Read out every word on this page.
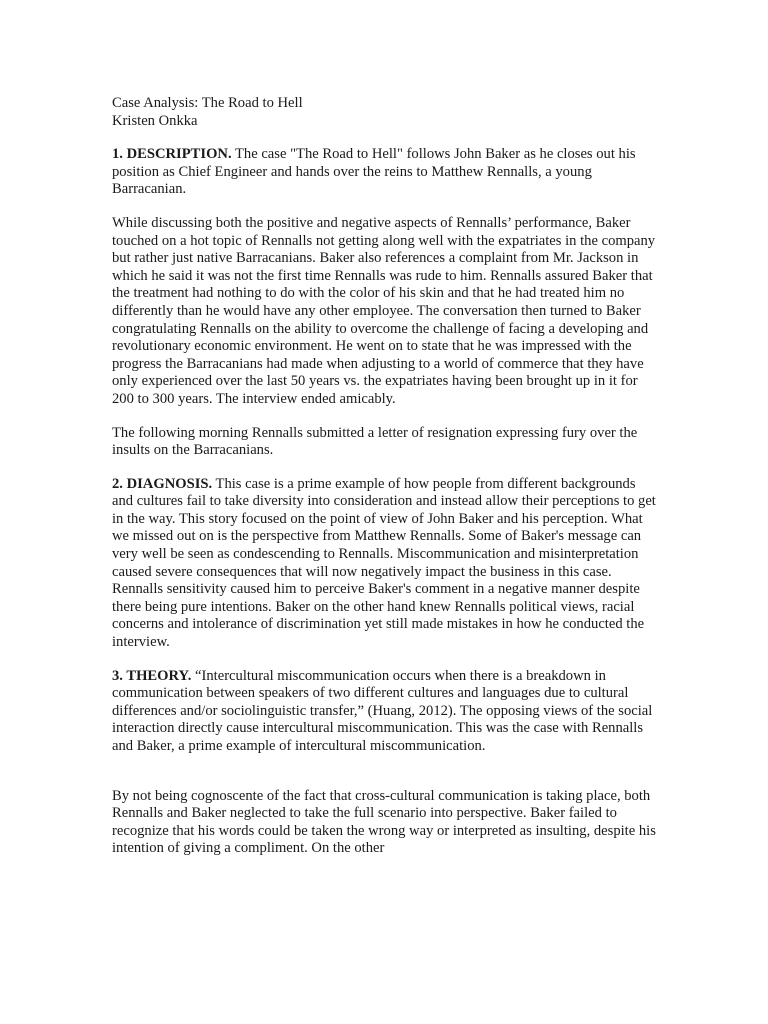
Case Analysis: The Road to Hell
Kristen Onkka

1. DESCRIPTION. The case "The Road to Hell" follows John Baker as he closes out his position as Chief Engineer and hands over the reins to Matthew Rennalls, a young Barracanian.

While discussing both the positive and negative aspects of Rennalls’ performance, Baker touched on a hot topic of Rennalls not getting along well with the expatriates in the company but rather just native Barracanians. Baker also references a complaint from Mr. Jackson in which he said it was not the first time Rennalls was rude to him. Rennalls assured Baker that the treatment had nothing to do with the color of his skin and that he had treated him no differently than he would have any other employee. The conversation then turned to Baker congratulating Rennalls on the ability to overcome the challenge of facing a developing and revolutionary economic environment. He went on to state that he was impressed with the progress the Barracanians had made when adjusting to a world of commerce that they have only experienced over the last 50 years vs. the expatriates having been brought up in it for 200 to 300 years. The interview ended amicably.

The following morning Rennalls submitted a letter of resignation expressing fury over the insults on the Barracanians.

2. DIAGNOSIS. This case is a prime example of how people from different backgrounds and cultures fail to take diversity into consideration and instead allow their perceptions to get in the way. This story focused on the point of view of John Baker and his perception. What we missed out on is the perspective from Matthew Rennalls. Some of Baker's message can very well be seen as condescending to Rennalls. Miscommunication and misinterpretation caused severe consequences that will now negatively impact the business in this case. Rennalls sensitivity caused him to perceive Baker's comment in a negative manner despite there being pure intentions. Baker on the other hand knew Rennalls political views, racial concerns and intolerance of discrimination yet still made mistakes in how he conducted the interview.

3. THEORY. “Intercultural miscommunication occurs when there is a breakdown in communication between speakers of two different cultures and languages due to cultural differences and/or sociolinguistic transfer,” (Huang, 2012). The opposing views of the social interaction directly cause intercultural miscommunication. This was the case with Rennalls and Baker, a prime example of intercultural miscommunication.

By not being cognoscente of the fact that cross-cultural communication is taking place, both Rennalls and Baker neglected to take the full scenario into perspective. Baker failed to recognize that his words could be taken the wrong way or interpreted as insulting, despite his intention of giving a compliment. On the other
